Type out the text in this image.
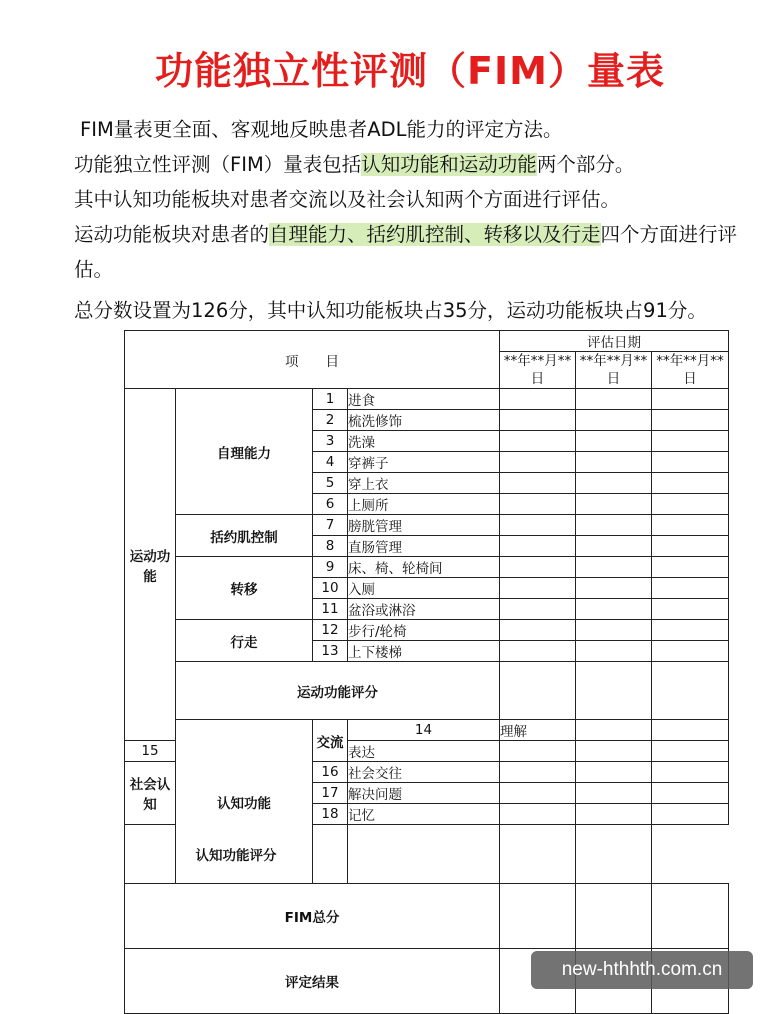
功能独立性评测（FIM）量表
FIM量表更全面、客观地反映患者ADL能力的评定方法。
功能独立性评测（FIM）量表包括认知功能和运动功能两个部分。
其中认知功能板块对患者交流以及社会认知两个方面进行评估。
运动功能板块对患者的自理能力、括约肌控制、转移以及行走四个方面进行评估。
总分数设置为126分，其中认知功能板块占35分，运动功能板块占91分。
项　　目				评估日期			
				**年**月**日	**年**月**日	**年**月**日	
运动功能	自理能力	1	进食				
		2	梳洗修饰				
		3	洗澡				
		4	穿裤子				
		5	穿上衣				
		6	上厕所				
	括约肌控制	7	膀胱管理				
		8	直肠管理				
	转移	9	床、椅、轮椅间				
		10	入厕				
		11	盆浴或淋浴				
	行走	12	步行/轮椅				
		13	上下楼梯				
	运动功能评分						
	认知功能	交流	14	理解			
15			表达				
社会认知		16	社会交往				
		17	解决问题				
		18	记忆				
认知功能评分							
FIM总分							
评定结果							
new-hthhth.com.cn
